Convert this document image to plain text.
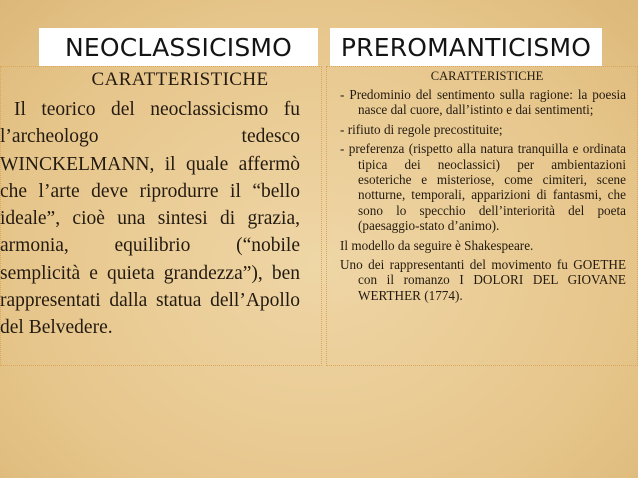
NEOCLASSICISMO	PREROMANTICISMO
CARATTERISTICHE
Il teorico del neoclassicismo fu l’archeologo tedesco WINCKELMANN, il quale affermò che l’arte deve riprodurre il “bello ideale”, cioè una sintesi di grazia, armonia, equilibrio (“nobile semplicità e quieta grandezza”), ben rappresentati dalla statua dell’Apollo del Belvedere.
CARATTERISTICHE
- Predominio del sentimento sulla ragione: la poesia nasce dal cuore, dall’istinto e dai sentimenti;
- rifiuto di regole precostituite;
- preferenza (rispetto alla natura tranquilla e ordinata tipica dei neoclassici) per ambientazioni esoteriche e misteriose, come cimiteri, scene notturne, temporali, apparizioni di fantasmi, che sono lo specchio dell’interiorità del poeta (paesaggio-stato d’animo).
Il modello da seguire è Shakespeare.
Uno dei rappresentanti del movimento fu GOETHE con il romanzo I DOLORI DEL GIOVANE WERTHER (1774).
